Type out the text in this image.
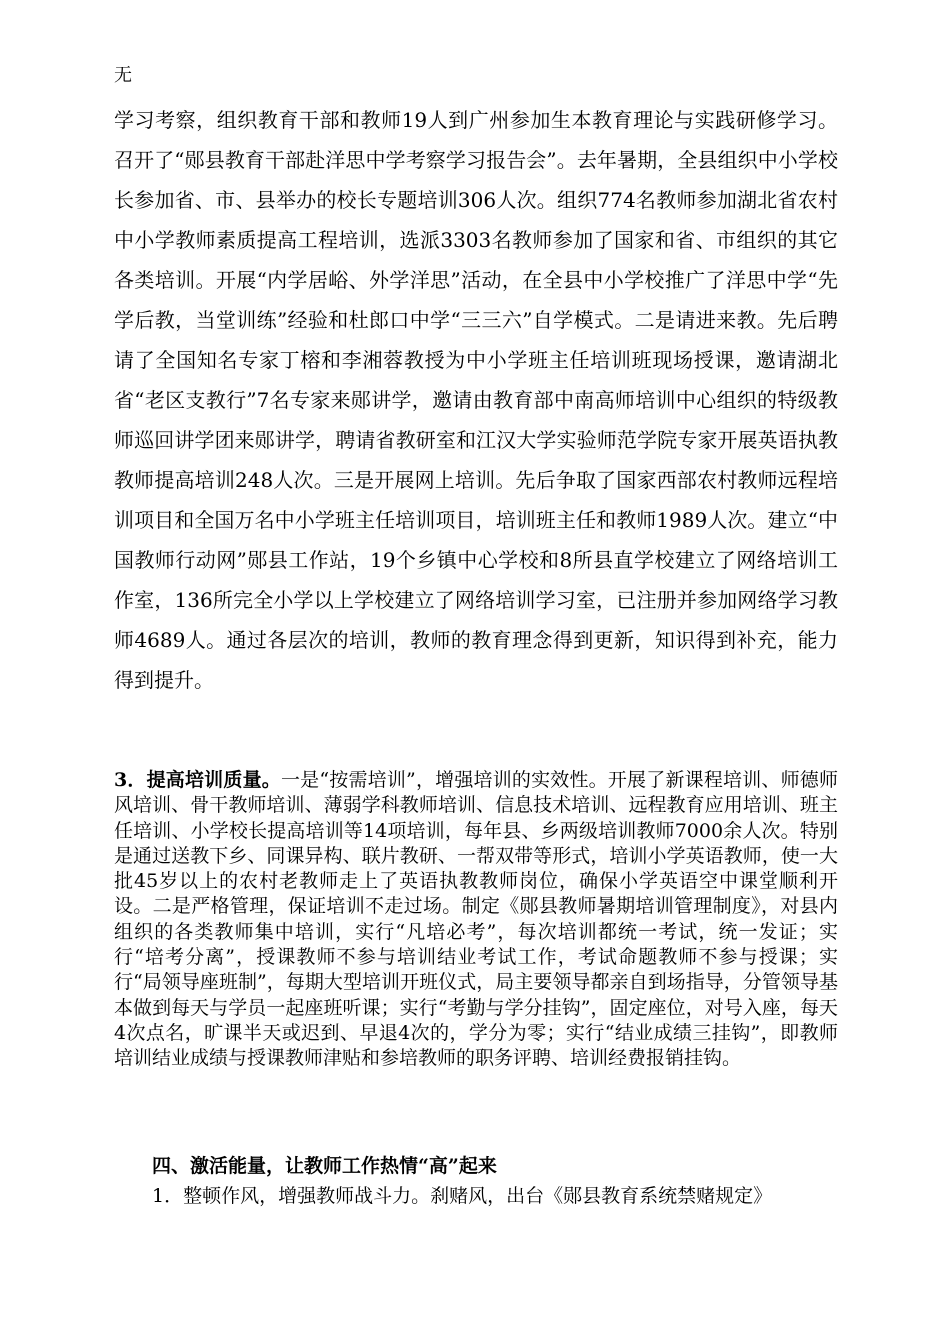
无

学习考察，组织教育干部和教师19人到广州参加生本教育理论与实践研修学习。召开了“郧县教育干部赴洋思中学考察学习报告会”。去年暑期，全县组织中小学校长参加省、市、县举办的校长专题培训306人次。组织774名教师参加湖北省农村中小学教师素质提高工程培训，选派3303名教师参加了国家和省、市组织的其它各类培训。开展“内学居峪、外学洋思”活动，在全县中小学校推广了洋思中学“先学后教，当堂训练”经验和杜郎口中学“三三六”自学模式。二是请进来教。先后聘请了全国知名专家丁榕和李湘蓉教授为中小学班主任培训班现场授课，邀请湖北省“老区支教行”7名专家来郧讲学，邀请由教育部中南高师培训中心组织的特级教师巡回讲学团来郧讲学，聘请省教研室和江汉大学实验师范学院专家开展英语执教教师提高培训248人次。三是开展网上培训。先后争取了国家西部农村教师远程培训项目和全国万名中小学班主任培训项目，培训班主任和教师1989人次。建立“中国教师行动网”郧县工作站，19个乡镇中心学校和8所县直学校建立了网络培训工作室，136所完全小学以上学校建立了网络培训学习室，已注册并参加网络学习教师4689人。通过各层次的培训，教师的教育理念得到更新，知识得到补充，能力得到提升。

3．提高培训质量。一是“按需培训”，增强培训的实效性。开展了新课程培训、师德师风培训、骨干教师培训、薄弱学科教师培训、信息技术培训、远程教育应用培训、班主任培训、小学校长提高培训等14项培训，每年县、乡两级培训教师7000余人次。特别是通过送教下乡、同课异构、联片教研、一帮双带等形式，培训小学英语教师，使一大批45岁以上的农村老教师走上了英语执教教师岗位，确保小学英语空中课堂顺利开设。二是严格管理，保证培训不走过场。制定《郧县教师暑期培训管理制度》，对县内组织的各类教师集中培训，实行“凡培必考”，每次培训都统一考试，统一发证；实行“培考分离”，授课教师不参与培训结业考试工作，考试命题教师不参与授课；实行“局领导座班制”，每期大型培训开班仪式，局主要领导都亲自到场指导，分管领导基本做到每天与学员一起座班听课；实行“考勤与学分挂钩”，固定座位，对号入座，每天4次点名，旷课半天或迟到、早退4次的，学分为零；实行“结业成绩三挂钩”，即教师培训结业成绩与授课教师津贴和参培教师的职务评聘、培训经费报销挂钩。

四、激活能量，让教师工作热情“高”起来

1．整顿作风，增强教师战斗力。刹赌风，出台《郧县教育系统禁赌规定》
